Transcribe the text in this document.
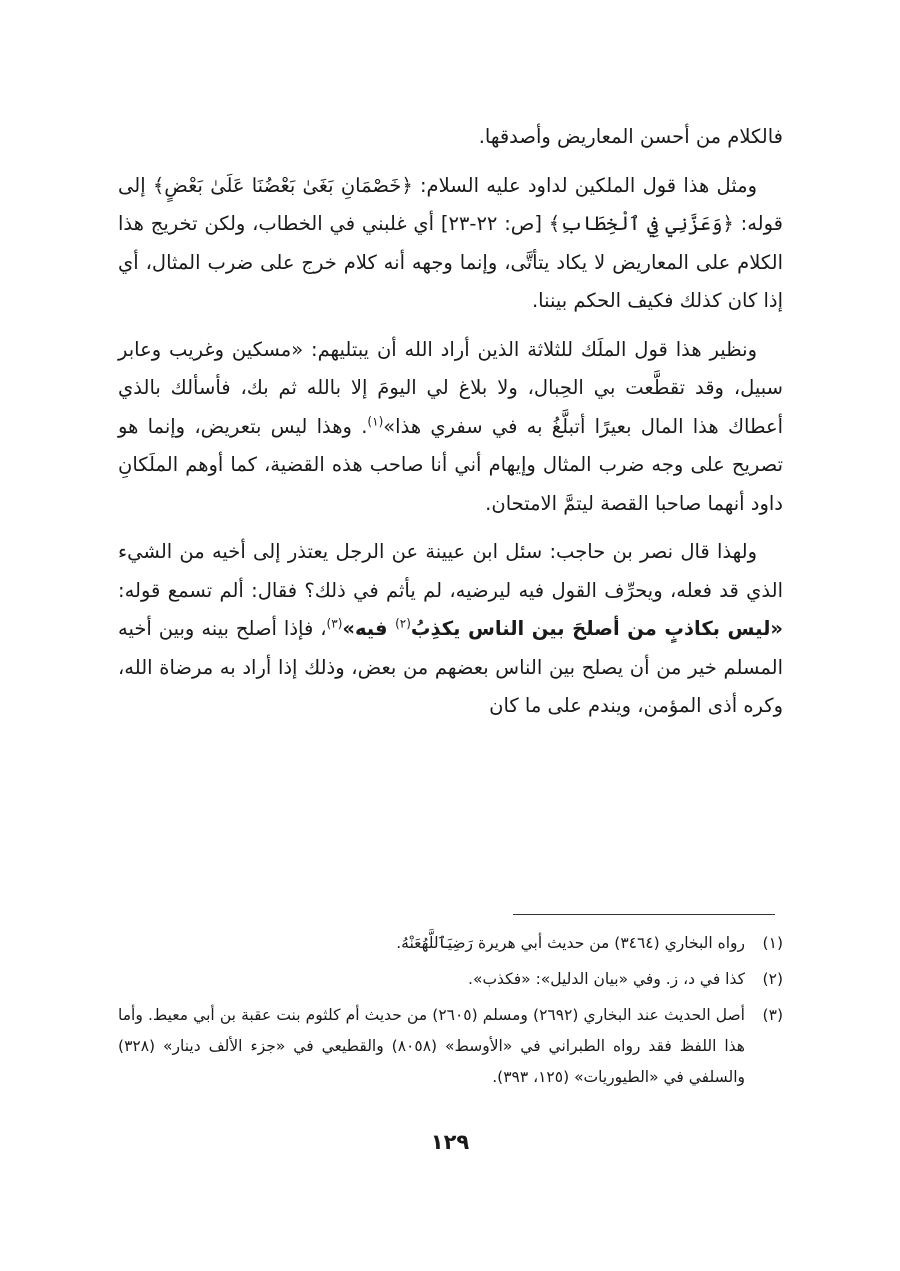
فالكلام من أحسن المعاريض وأصدقها.

ومثل هذا قول الملكين لداود عليه السلام: ﴿خَصْمَانِ بَغَىٰ بَعْضُنَا عَلَىٰ بَعْضٍ﴾ إلى قوله: ﴿وَعَزَّنِي فِي ٱلْخِطَابِ﴾ [ص: ٢٢-٢٣] أي غلبني في الخطاب، ولكن تخريج هذا الكلام على المعاريض لا يكاد يتأتَّى، وإنما وجهه أنه كلام خرج على ضرب المثال، أي إذا كان كذلك فكيف الحكم بيننا.

ونظير هذا قول الملَك للثلاثة الذين أراد الله أن يبتليهم: «مسكين وغريب وعابر سبيل، وقد تقطَّعت بي الحِبال، ولا بلاغ لي اليومَ إلا بالله ثم بك، فأسألك بالذي أعطاك هذا المال بعيرًا أتبلَّغُ به في سفري هذا»$^{(١)}$. وهذا ليس بتعريض، وإنما هو تصريح على وجه ضرب المثال وإيهام أني أنا صاحب هذه القضية، كما أوهم الملَكانِ داود أنهما صاحبا القصة ليتمَّ الامتحان.

ولهذا قال نصر بن حاجب: سئل ابن عيينة عن الرجل يعتذر إلى أخيه من الشيء الذي قد فعله، ويحرِّف القول فيه ليرضيه، لم يأثم في ذلك؟ فقال: ألم تسمع قوله: «ليس بكاذبٍ من أصلحَ بين الناس يكذِبُ$^{(٢)}$ فيه»$^{(٣)}$، فإذا أصلح بينه وبين أخيه المسلم خير من أن يصلح بين الناس بعضهم من بعض، وذلك إذا أراد به مرضاة الله، وكره أذى المؤمن، ويندم على ما كان

(١)
رواه البخاري (٣٤٦٤) من حديث أبي هريرة رَضِيَٱللَّهُعَنْهُ.
(٢)
كذا في د، ز. وفي «بيان الدليل»: «فكذب».
(٣)
أصل الحديث عند البخاري (٢٦٩٢) ومسلم (٢٦٠٥) من حديث أم كلثوم بنت عقبة بن أبي معيط. وأما هذا اللفظ فقد رواه الطبراني في «الأوسط» (٨٠٥٨) والقطيعي في «جزء الألف دينار» (٣٢٨) والسلفي في «الطيوريات» (١٢٥، ٣٩٣).
١٢٩
